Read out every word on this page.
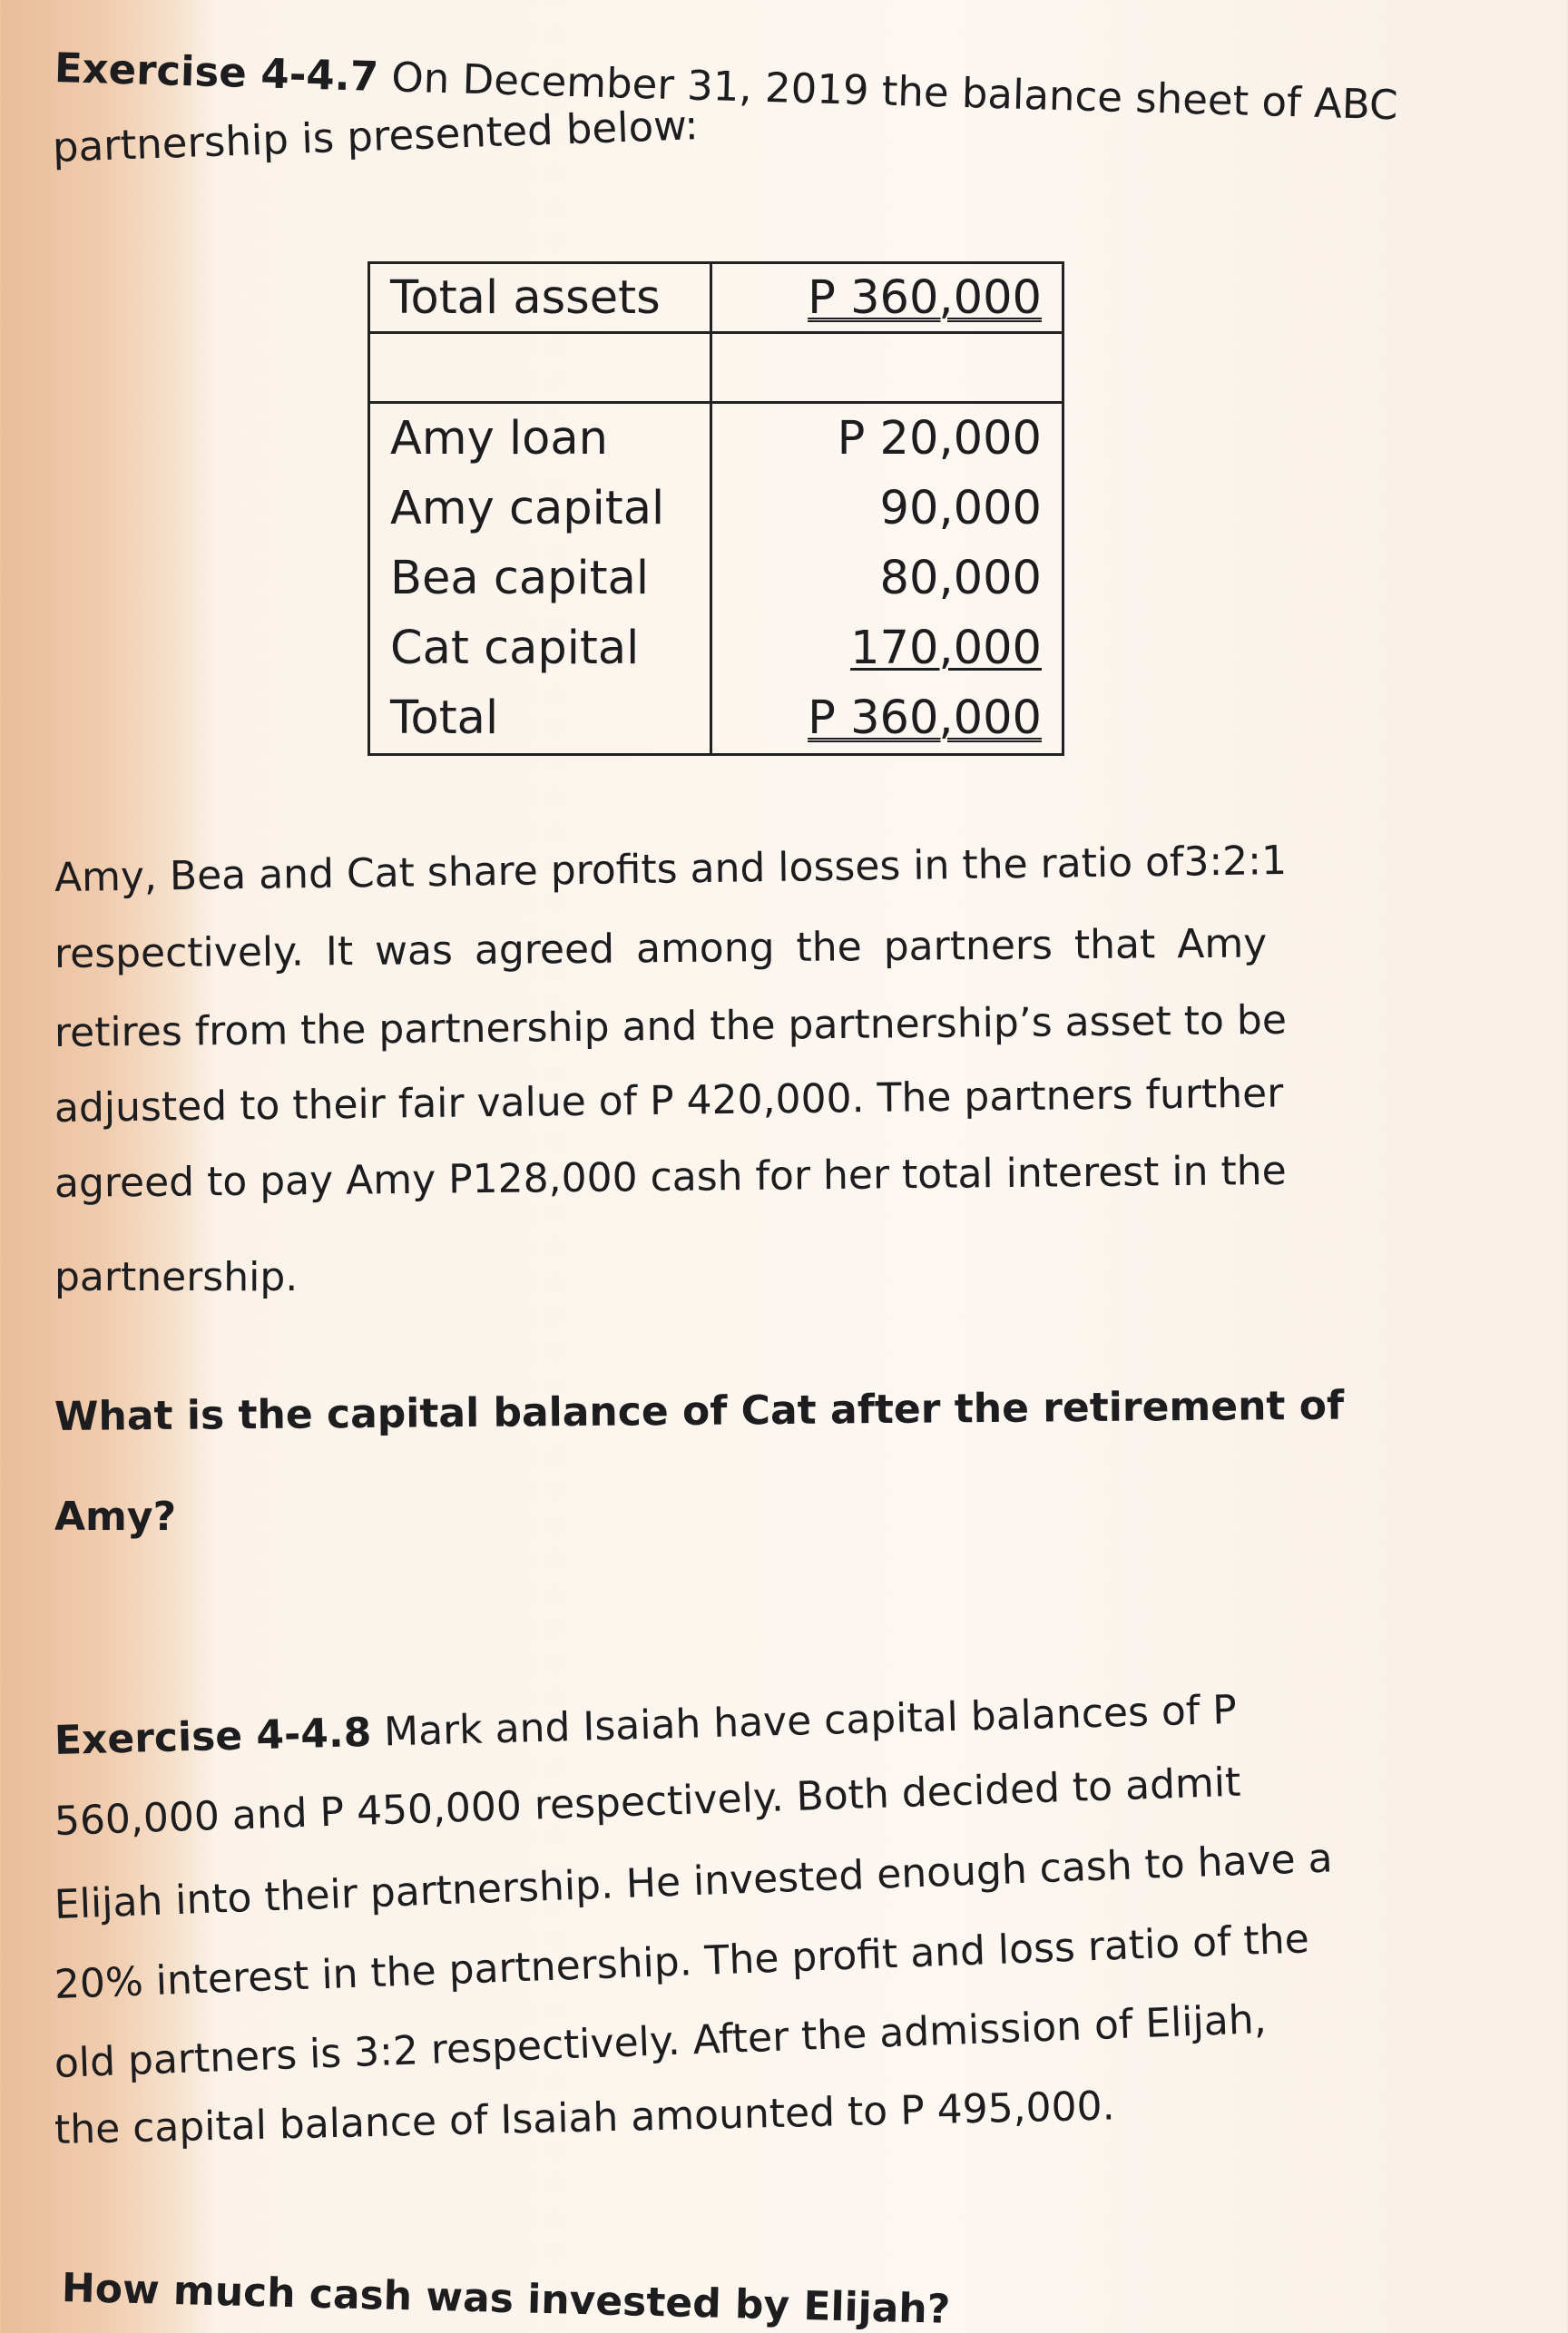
Exercise 4-4.7 On December 31, 2019 the balance sheet of ABC
partnership is presented below:
Total assets	P 360,000

Amy loan	P 20,000
Amy capital	90,000
Bea capital	80,000
Cat capital	170,000
Total	P 360,000
Amy, Bea and Cat share profits and losses in the ratio of3:2:1
respectively. It was agreed among the partners that Amy
retires from the partnership and the partnership’s asset to be
adjusted to their fair value of P 420,000. The partners further
agreed to pay Amy P128,000 cash for her total interest in the
partnership.
What is the capital balance of Cat after the retirement of
Amy?
Exercise 4-4.8 Mark and Isaiah have capital balances of P
560,000 and P 450,000 respectively. Both decided to admit
Elijah into their partnership. He invested enough cash to have a
20% interest in the partnership. The profit and loss ratio of the
old partners is 3:2 respectively. After the admission of Elijah,
the capital balance of Isaiah amounted to P 495,000.
How much cash was invested by Elijah?
